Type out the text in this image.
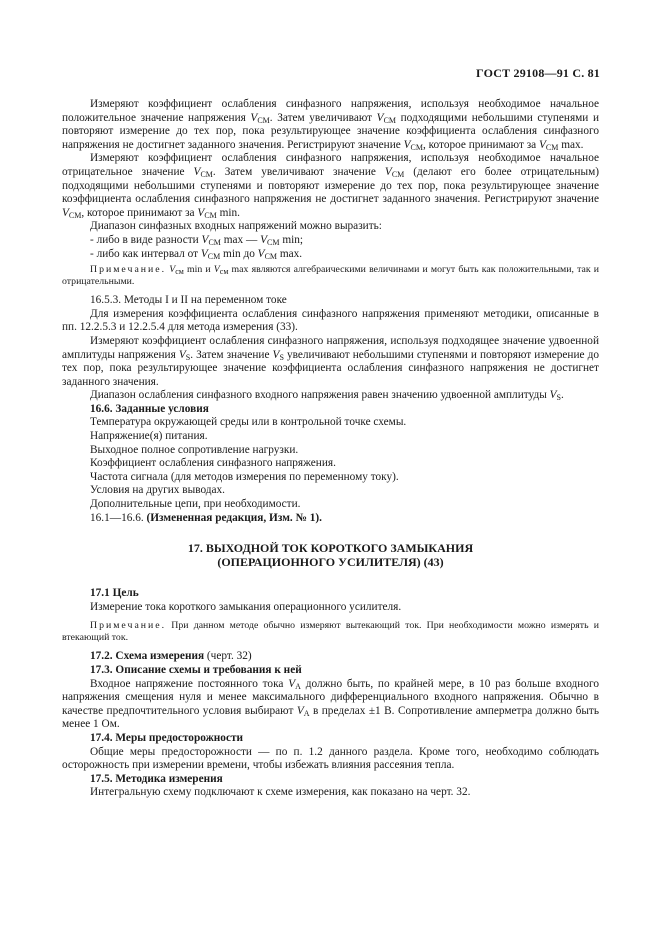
ГОСТ 29108—91 С. 81

Измеряют коэффициент ослабления синфазного напряжения, используя необходимое начальное положительное значение напряжения $V_{CM}$. Затем увеличивают $V_{CM}$ подходящими небольшими ступенями и повторяют измерение до тех пор, пока результирующее значение коэффициента ослабления синфазного напряжения не достигнет заданного значения. Регистрируют значение $V_{CM}$, которое принимают за $V_{CM}$ max.

Измеряют коэффициент ослабления синфазного напряжения, используя необходимое начальное отрицательное значение $V_{CM}$. Затем увеличивают значение $V_{CM}$ (делают его более отрицательным) подходящими небольшими ступенями и повторяют измерение до тех пор, пока результирующее значение коэффициента ослабления синфазного напряжения не достигнет заданного значения. Регистрируют значение $V_{CM}$, которое принимают за $V_{CM}$ min.

Диапазон синфазных входных напряжений можно выразить:

- либо в виде разности $V_{CM}$ max — $V_{CM}$ min;

- либо как интервал от $V_{CM}$ min до $V_{CM}$ max.

Примечание. $V_{см}$ min и $V_{см}$ max являются алгебраическими величинами и могут быть как положительными, так и отрицательными.

16.5.3. Методы I и II на переменном токе

Для измерения коэффициента ослабления синфазного напряжения применяют методики, описанные в пп. 12.2.5.3 и 12.2.5.4 для метода измерения (33).

Измеряют коэффициент ослабления синфазного напряжения, используя подходящее значение удвоенной амплитуды напряжения $V_S$. Затем значение $V_S$ увеличивают небольшими ступенями и повторяют измерение до тех пор, пока результирующее значение коэффициента ослабления синфазного напряжения не достигнет заданного значения.

Диапазон ослабления синфазного входного напряжения равен значению удвоенной амплитуды $V_S$.

16.6. Заданные условия

Температура окружающей среды или в контрольной точке схемы.

Напряжение(я) питания.

Выходное полное сопротивление нагрузки.

Коэффициент ослабления синфазного напряжения.

Частота сигнала (для методов измерения по переменному току).

Условия на других выводах.

Дополнительные цепи, при необходимости.

16.1—16.6. (Измененная редакция, Изм. № 1).

17. ВЫХОДНОЙ ТОК КОРОТКОГО ЗАМЫКАНИЯ

(ОПЕРАЦИОННОГО УСИЛИТЕЛЯ) (43)

17.1 Цель

Измерение тока короткого замыкания операционного усилителя.

Примечание. При данном методе обычно измеряют вытекающий ток. При необходимости можно измерять и втекающий ток.

17.2. Схема измерения (черт. 32)

17.3. Описание схемы и требования к ней

Входное напряжение постоянного тока $V_A$ должно быть, по крайней мере, в 10 раз больше входного напряжения смещения нуля и менее максимального дифференциального входного напряжения. Обычно в качестве предпочтительного условия выбирают $V_A$ в пределах ±1 В. Сопротивление амперметра должно быть менее 1 Ом.

17.4. Меры предосторожности

Общие меры предосторожности — по п. 1.2 данного раздела. Кроме того, необходимо соблюдать осторожность при измерении времени, чтобы избежать влияния рассеяния тепла.

17.5. Методика измерения

Интегральную схему подключают к схеме измерения, как показано на черт. 32.
